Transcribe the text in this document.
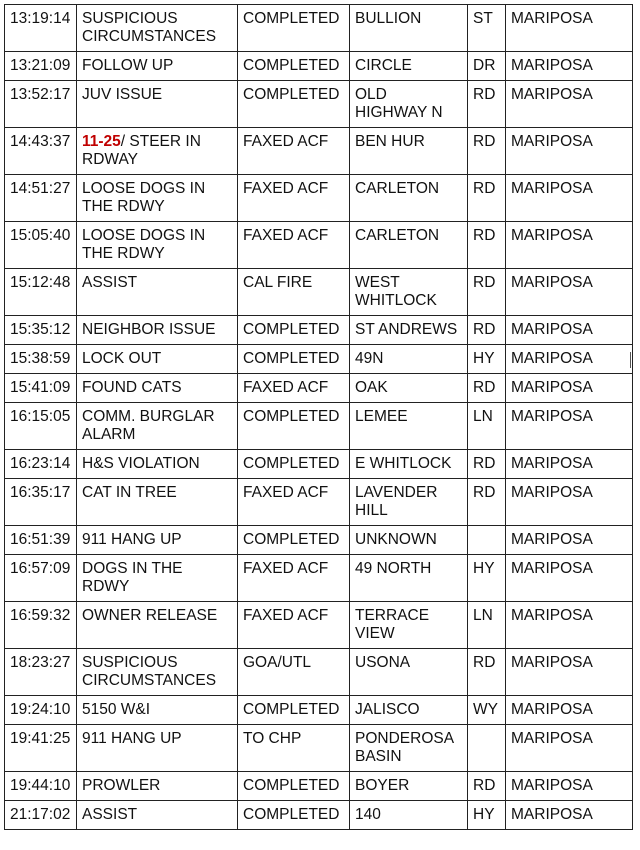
13:19:14	SUSPICIOUS CIRCUMSTANCES	COMPLETED	BULLION	ST	MARIPOSA
13:21:09	FOLLOW UP	COMPLETED	CIRCLE	DR	MARIPOSA
13:52:17	JUV ISSUE	COMPLETED	OLD HIGHWAY N	RD	MARIPOSA
14:43:37	11-25/ STEER IN RDWAY	FAXED ACF	BEN HUR	RD	MARIPOSA
14:51:27	LOOSE DOGS IN THE RDWY	FAXED ACF	CARLETON	RD	MARIPOSA
15:05:40	LOOSE DOGS IN THE RDWY	FAXED ACF	CARLETON	RD	MARIPOSA
15:12:48	ASSIST	CAL FIRE	WEST WHITLOCK	RD	MARIPOSA
15:35:12	NEIGHBOR ISSUE	COMPLETED	ST ANDREWS	RD	MARIPOSA
15:38:59	LOCK OUT	COMPLETED	49N	HY	MARIPOSA
15:41:09	FOUND CATS	FAXED ACF	OAK	RD	MARIPOSA
16:15:05	COMM. BURGLAR ALARM	COMPLETED	LEMEE	LN	MARIPOSA
16:23:14	H&S VIOLATION	COMPLETED	E WHITLOCK	RD	MARIPOSA
16:35:17	CAT IN TREE	FAXED ACF	LAVENDER HILL	RD	MARIPOSA
16:51:39	911 HANG UP	COMPLETED	UNKNOWN		MARIPOSA
16:57:09	DOGS IN THE RDWY	FAXED ACF	49 NORTH	HY	MARIPOSA
16:59:32	OWNER RELEASE	FAXED ACF	TERRACE VIEW	LN	MARIPOSA
18:23:27	SUSPICIOUS CIRCUMSTANCES	GOA/UTL	USONA	RD	MARIPOSA
19:24:10	5150 W&I	COMPLETED	JALISCO	WY	MARIPOSA
19:41:25	911 HANG UP	TO CHP	PONDEROSA BASIN		MARIPOSA
19:44:10	PROWLER	COMPLETED	BOYER	RD	MARIPOSA
21:17:02	ASSIST	COMPLETED	140	HY	MARIPOSA
